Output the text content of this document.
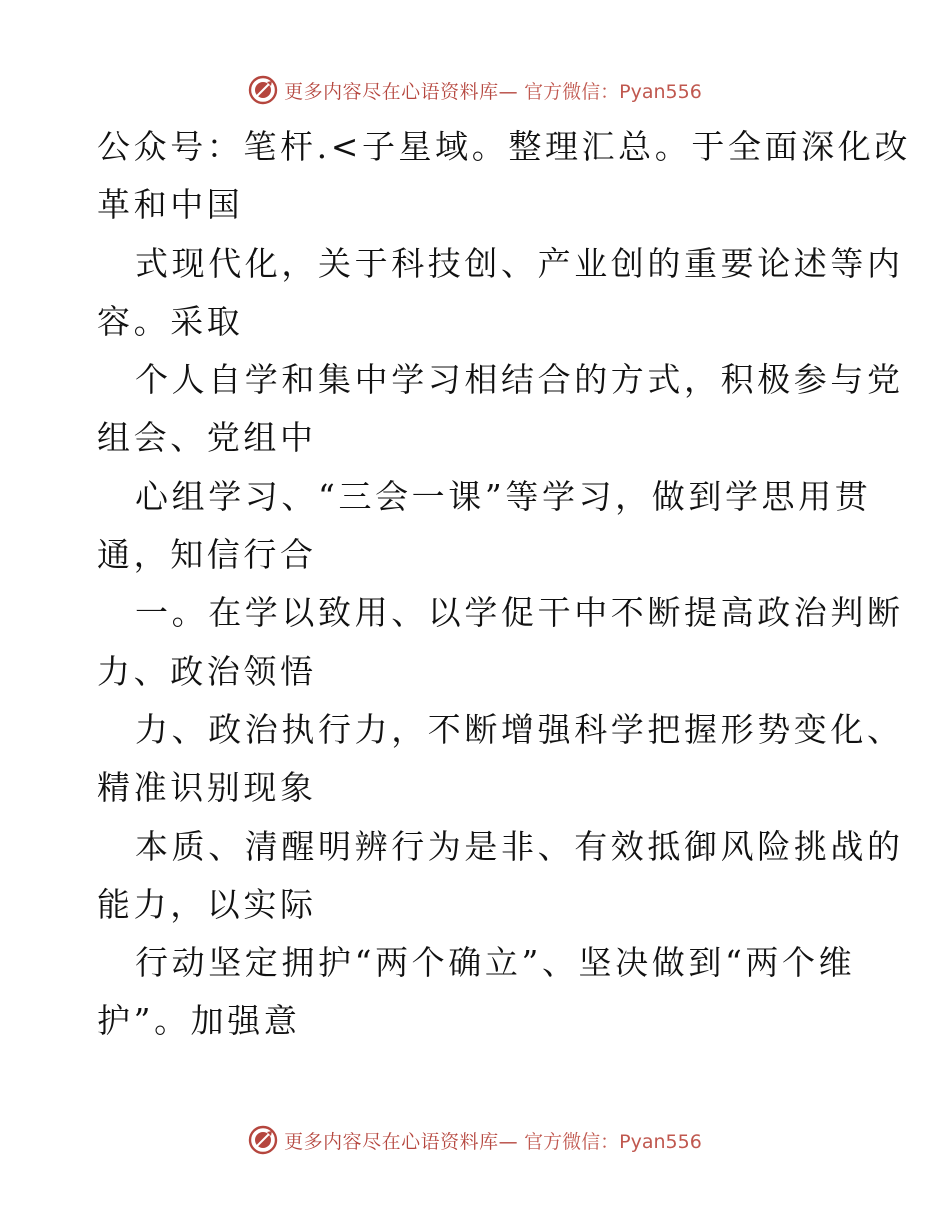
更多内容尽在心语资料库— 官方微信：Pyan556
公众号：笔杆.<子星域。整理汇总。于全面深化改
革和中国
式现代化，关于科技创、产业创的重要论述等内
容。采取
个人自学和集中学习相结合的方式，积极参与党
组会、党组中
心组学习、“三会一课”等学习，做到学思用贯
通，知信行合
一。在学以致用、以学促干中不断提高政治判断
力、政治领悟
力、政治执行力，不断增强科学把握形势变化、
精准识别现象
本质、清醒明辨行为是非、有效抵御风险挑战的
能力，以实际
行动坚定拥护“两个确立”、坚决做到“两个维
护”。加强意
更多内容尽在心语资料库— 官方微信：Pyan556
